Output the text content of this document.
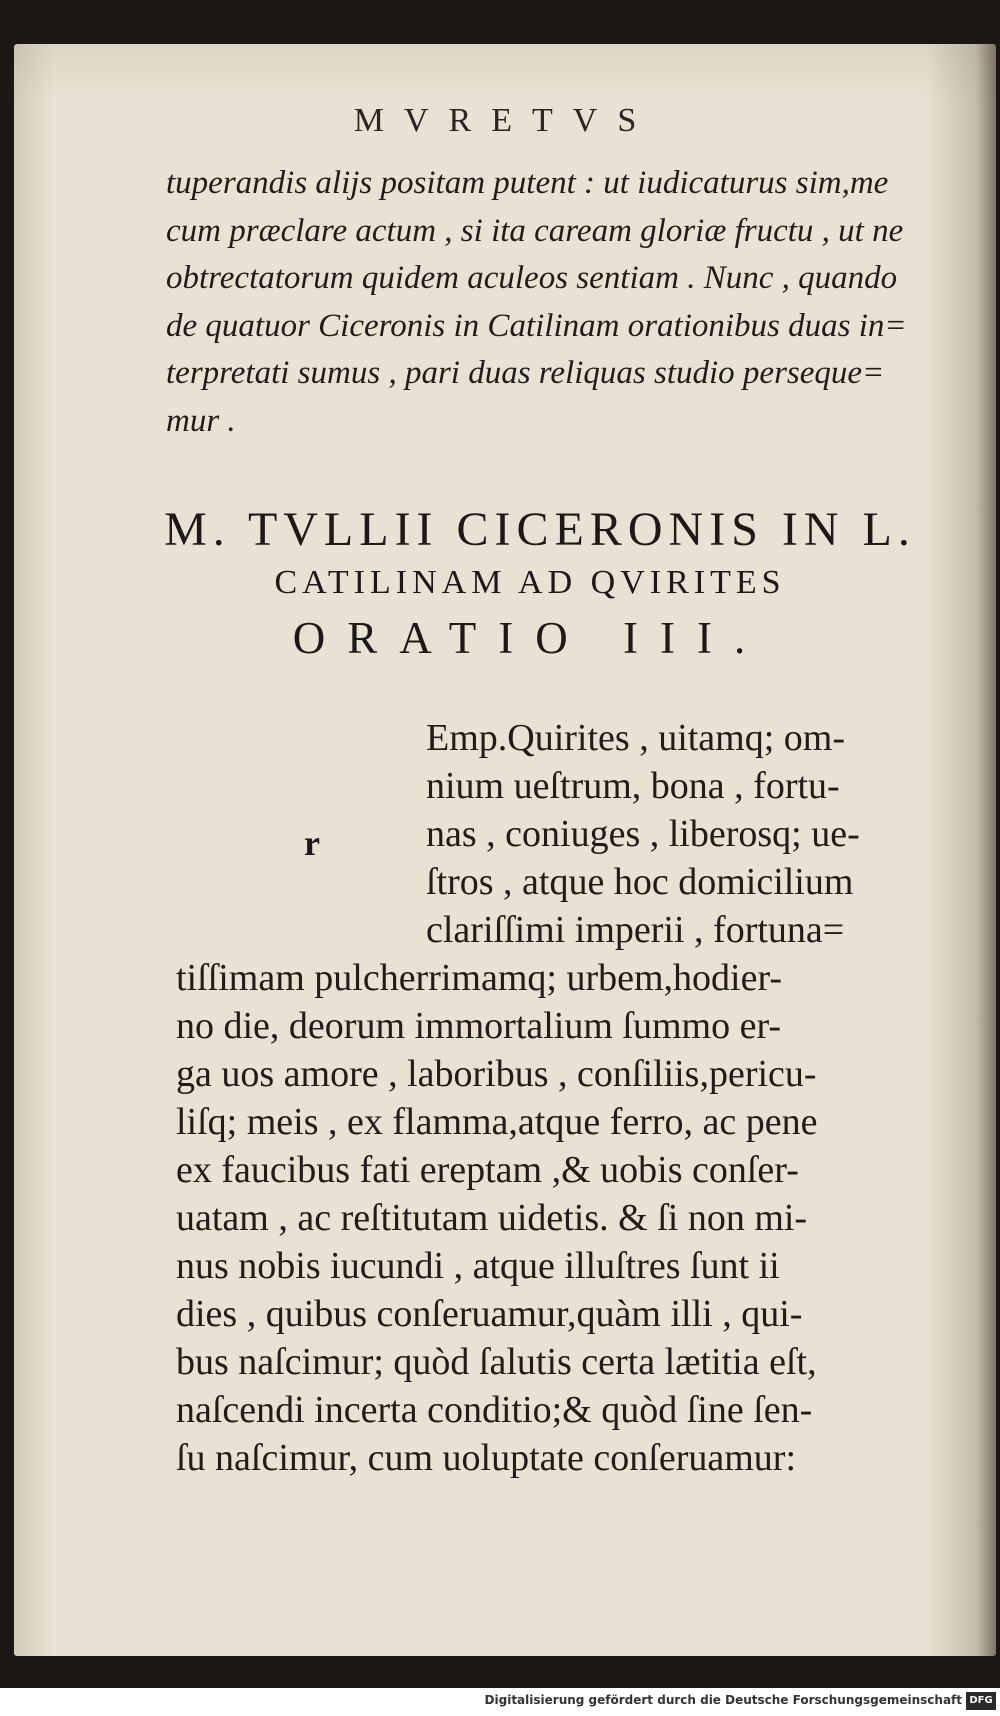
MVRETVS
tuperandis alijs positam putent : ut iudicaturus sim,me
cum præclare actum , si ita caream gloriæ fructu , ut ne
obtrectatorum quidem aculeos sentiam . Nunc , quando
de quatuor Ciceronis in Catilinam orationibus duas in=
terpretati sumus , pari duas reliquas studio perseque=
mur .
M. TVLLII CICERONIS IN L.
CATILINAM AD QVIRITES
ORATIO III.
r
Emp.Quirites , uitamq; om-
nium ueſtrum, bona , fortu-
nas , coniuges , liberosq; ue-
ſtros , atque hoc domicilium
clariſſimi imperii , fortuna=
tiſſimam pulcherrimamq; urbem,hodier-
no die, deorum immortalium ſummo er-
ga uos amore , laboribus , conſiliis,pericu-
liſq; meis , ex flamma,atque ferro, ac pene
ex faucibus fati ereptam ,& uobis conſer-
uatam , ac reſtitutam uidetis. & ſi non mi-
nus nobis iucundi , atque illuſtres ſunt ii
dies , quibus conſeruamur,quàm illi , qui-
bus naſcimur; quòd ſalutis certa lætitia eſt,
naſcendi incerta conditio;& quòd ſine ſen-
ſu naſcimur, cum uoluptate conſeruamur:
Digitalisierung gefördert durch die Deutsche Forschungsgemeinschaft DFG
